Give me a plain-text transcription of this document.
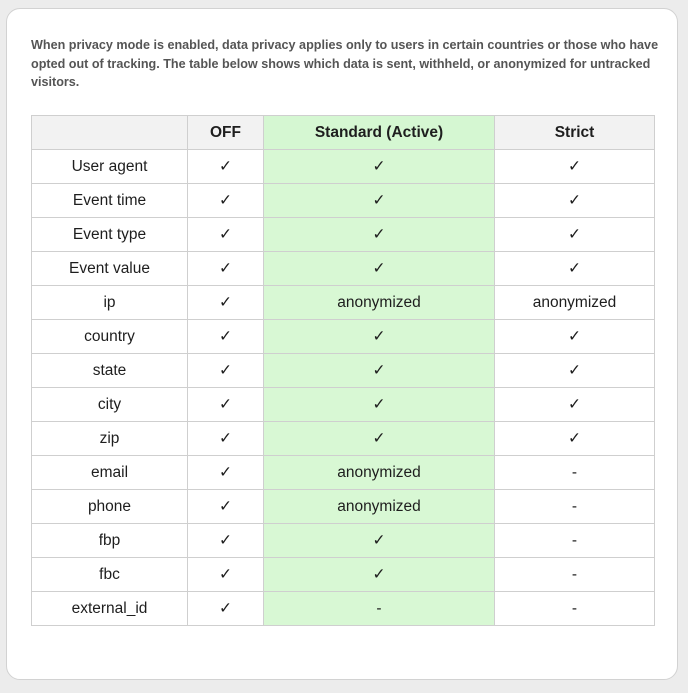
When privacy mode is enabled, data privacy applies only to users in certain countries or those who have opted out of tracking. The table below shows which data is sent, withheld, or anonymized for untracked visitors.

	OFF	Standard (Active)	Strict
User agent	✓	✓	✓
Event time	✓	✓	✓
Event type	✓	✓	✓
Event value	✓	✓	✓
ip	✓	anonymized	anonymized
country	✓	✓	✓
state	✓	✓	✓
city	✓	✓	✓
zip	✓	✓	✓
email	✓	anonymized	-
phone	✓	anonymized	-
fbp	✓	✓	-
fbc	✓	✓	-
external_id	✓	-	-
